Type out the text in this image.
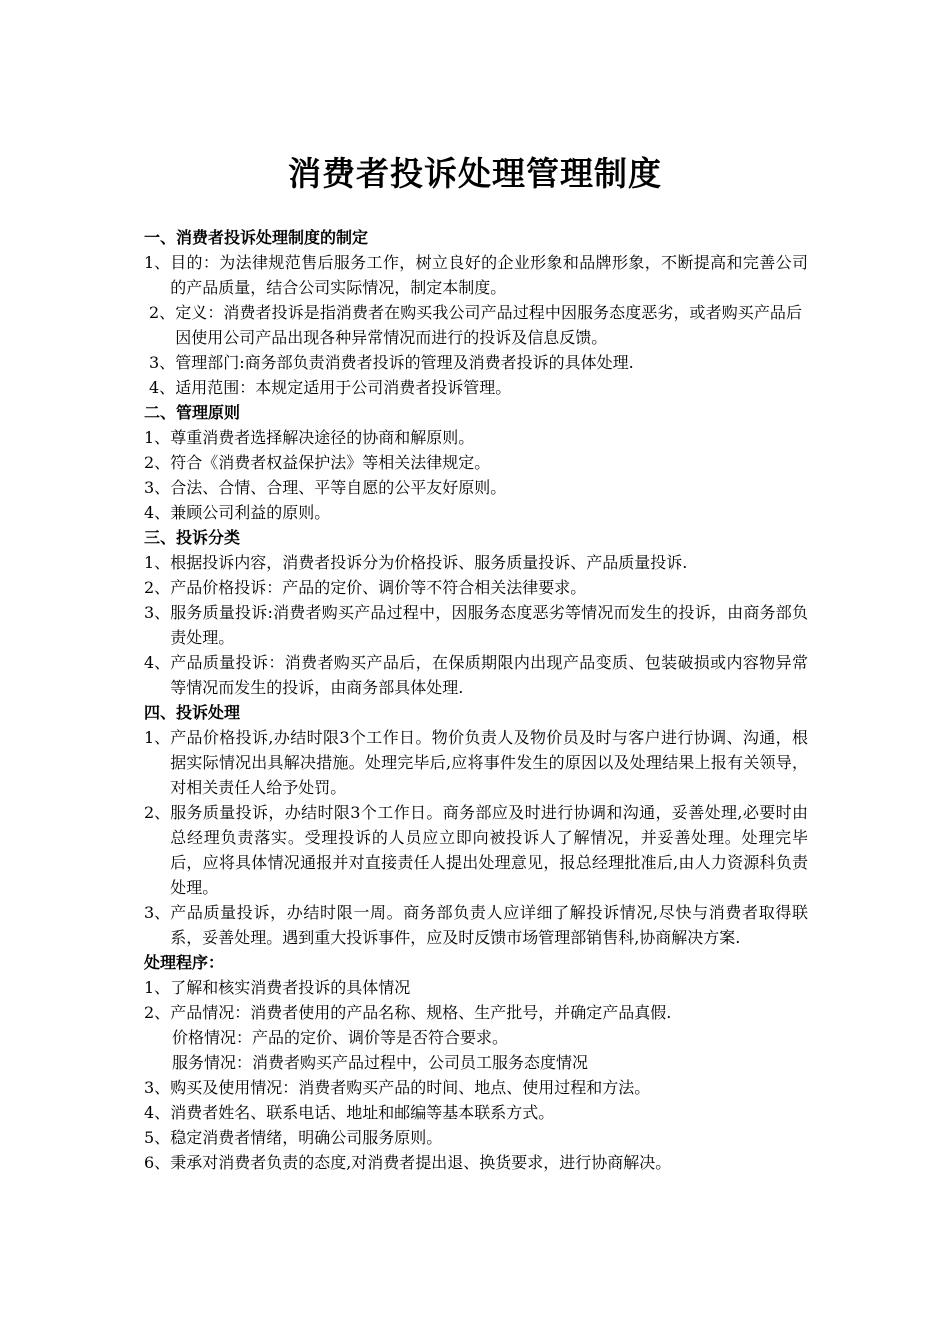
消费者投诉处理管理制度
一、消费者投诉处理制度的制定
1、 目的：为法律规范售后服务工作，树立良好的企业形象和品牌形象，不断提高和完善公司的产品质量，结合公司实际情况，制定本制度。
2、 定义：消费者投诉是指消费者在购买我公司产品过程中因服务态度恶劣，或者购买产品后因使用公司产品出现各种异常情况而进行的投诉及信息反馈。
3、 管理部门:商务部负责消费者投诉的管理及消费者投诉的具体处理.
4、 适用范围：本规定适用于公司消费者投诉管理。
二、管理原则
1、 尊重消费者选择解决途径的协商和解原则。
2、 符合《消费者权益保护法》等相关法律规定。
3、 合法、合情、合理、平等自愿的公平友好原则。
4、 兼顾公司利益的原则。
三、投诉分类
1、 根据投诉内容，消费者投诉分为价格投诉、服务质量投诉、产品质量投诉.
2、 产品价格投诉：产品的定价、调价等不符合相关法律要求。
3、 服务质量投诉:消费者购买产品过程中，因服务态度恶劣等情况而发生的投诉，由商务部负责处理。
4、 产品质量投诉：消费者购买产品后，在保质期限内出现产品变质、包装破损或内容物异常等情况而发生的投诉，由商务部具体处理.
四、投诉处理
1、 产品价格投诉,办结时限3个工作日。物价负责人及物价员及时与客户进行协调、沟通，根据实际情况出具解决措施。处理完毕后,应将事件发生的原因以及处理结果上报有关领导，对相关责任人给予处罚。
2、 服务质量投诉，办结时限3个工作日。商务部应及时进行协调和沟通，妥善处理,必要时由总经理负责落实。受理投诉的人员应立即向被投诉人了解情况，并妥善处理。处理完毕后，应将具体情况通报并对直接责任人提出处理意见，报总经理批准后,由人力资源科负责处理。
3、 产品质量投诉，办结时限一周。商务部负责人应详细了解投诉情况,尽快与消费者取得联系，妥善处理。遇到重大投诉事件，应及时反馈市场管理部销售科,协商解决方案.
处理程序：
1、 了解和核实消费者投诉的具体情况
2、 产品情况：消费者使用的产品名称、规格、生产批号，并确定产品真假.
价格情况：产品的定价、调价等是否符合要求。
服务情况：消费者购买产品过程中，公司员工服务态度情况
3、 购买及使用情况：消费者购买产品的时间、地点、使用过程和方法。
4、 消费者姓名、联系电话、地址和邮编等基本联系方式。
5、 稳定消费者情绪，明确公司服务原则。
6、 秉承对消费者负责的态度,对消费者提出退、换货要求，进行协商解决。
